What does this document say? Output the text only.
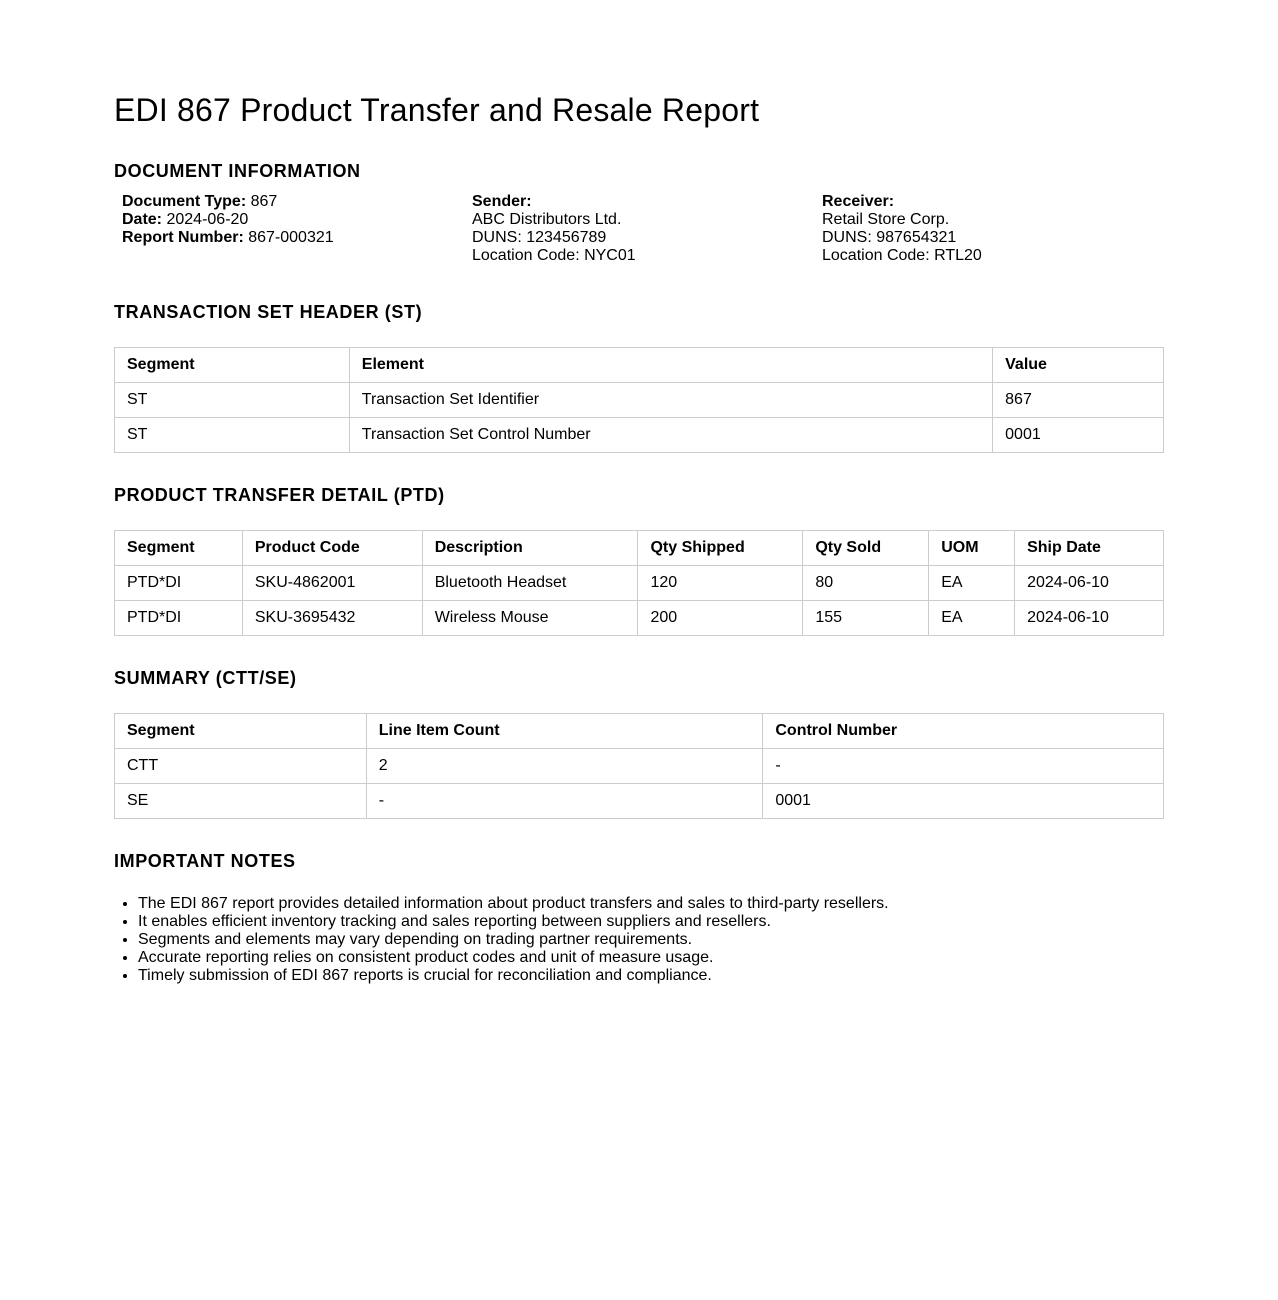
EDI 867 Product Transfer and Resale Report
DOCUMENT INFORMATION
Document Type: 867
Date: 2024-06-20
Report Number: 867-000321
Sender:
ABC Distributors Ltd.
DUNS: 123456789
Location Code: NYC01
Receiver:
Retail Store Corp.
DUNS: 987654321
Location Code: RTL20
TRANSACTION SET HEADER (ST)
Segment	Element	Value
ST	Transaction Set Identifier	867
ST	Transaction Set Control Number	0001
PRODUCT TRANSFER DETAIL (PTD)
Segment	Product Code	Description	Qty Shipped	Qty Sold	UOM	Ship Date
PTD*DI	SKU-4862001	Bluetooth Headset	120	80	EA	2024-06-10
PTD*DI	SKU-3695432	Wireless Mouse	200	155	EA	2024-06-10
SUMMARY (CTT/SE)
Segment	Line Item Count	Control Number
CTT	2	-
SE	-	0001
IMPORTANT NOTES
• The EDI 867 report provides detailed information about product transfers and sales to third-party resellers.
• It enables efficient inventory tracking and sales reporting between suppliers and resellers.
• Segments and elements may vary depending on trading partner requirements.
• Accurate reporting relies on consistent product codes and unit of measure usage.
• Timely submission of EDI 867 reports is crucial for reconciliation and compliance.
